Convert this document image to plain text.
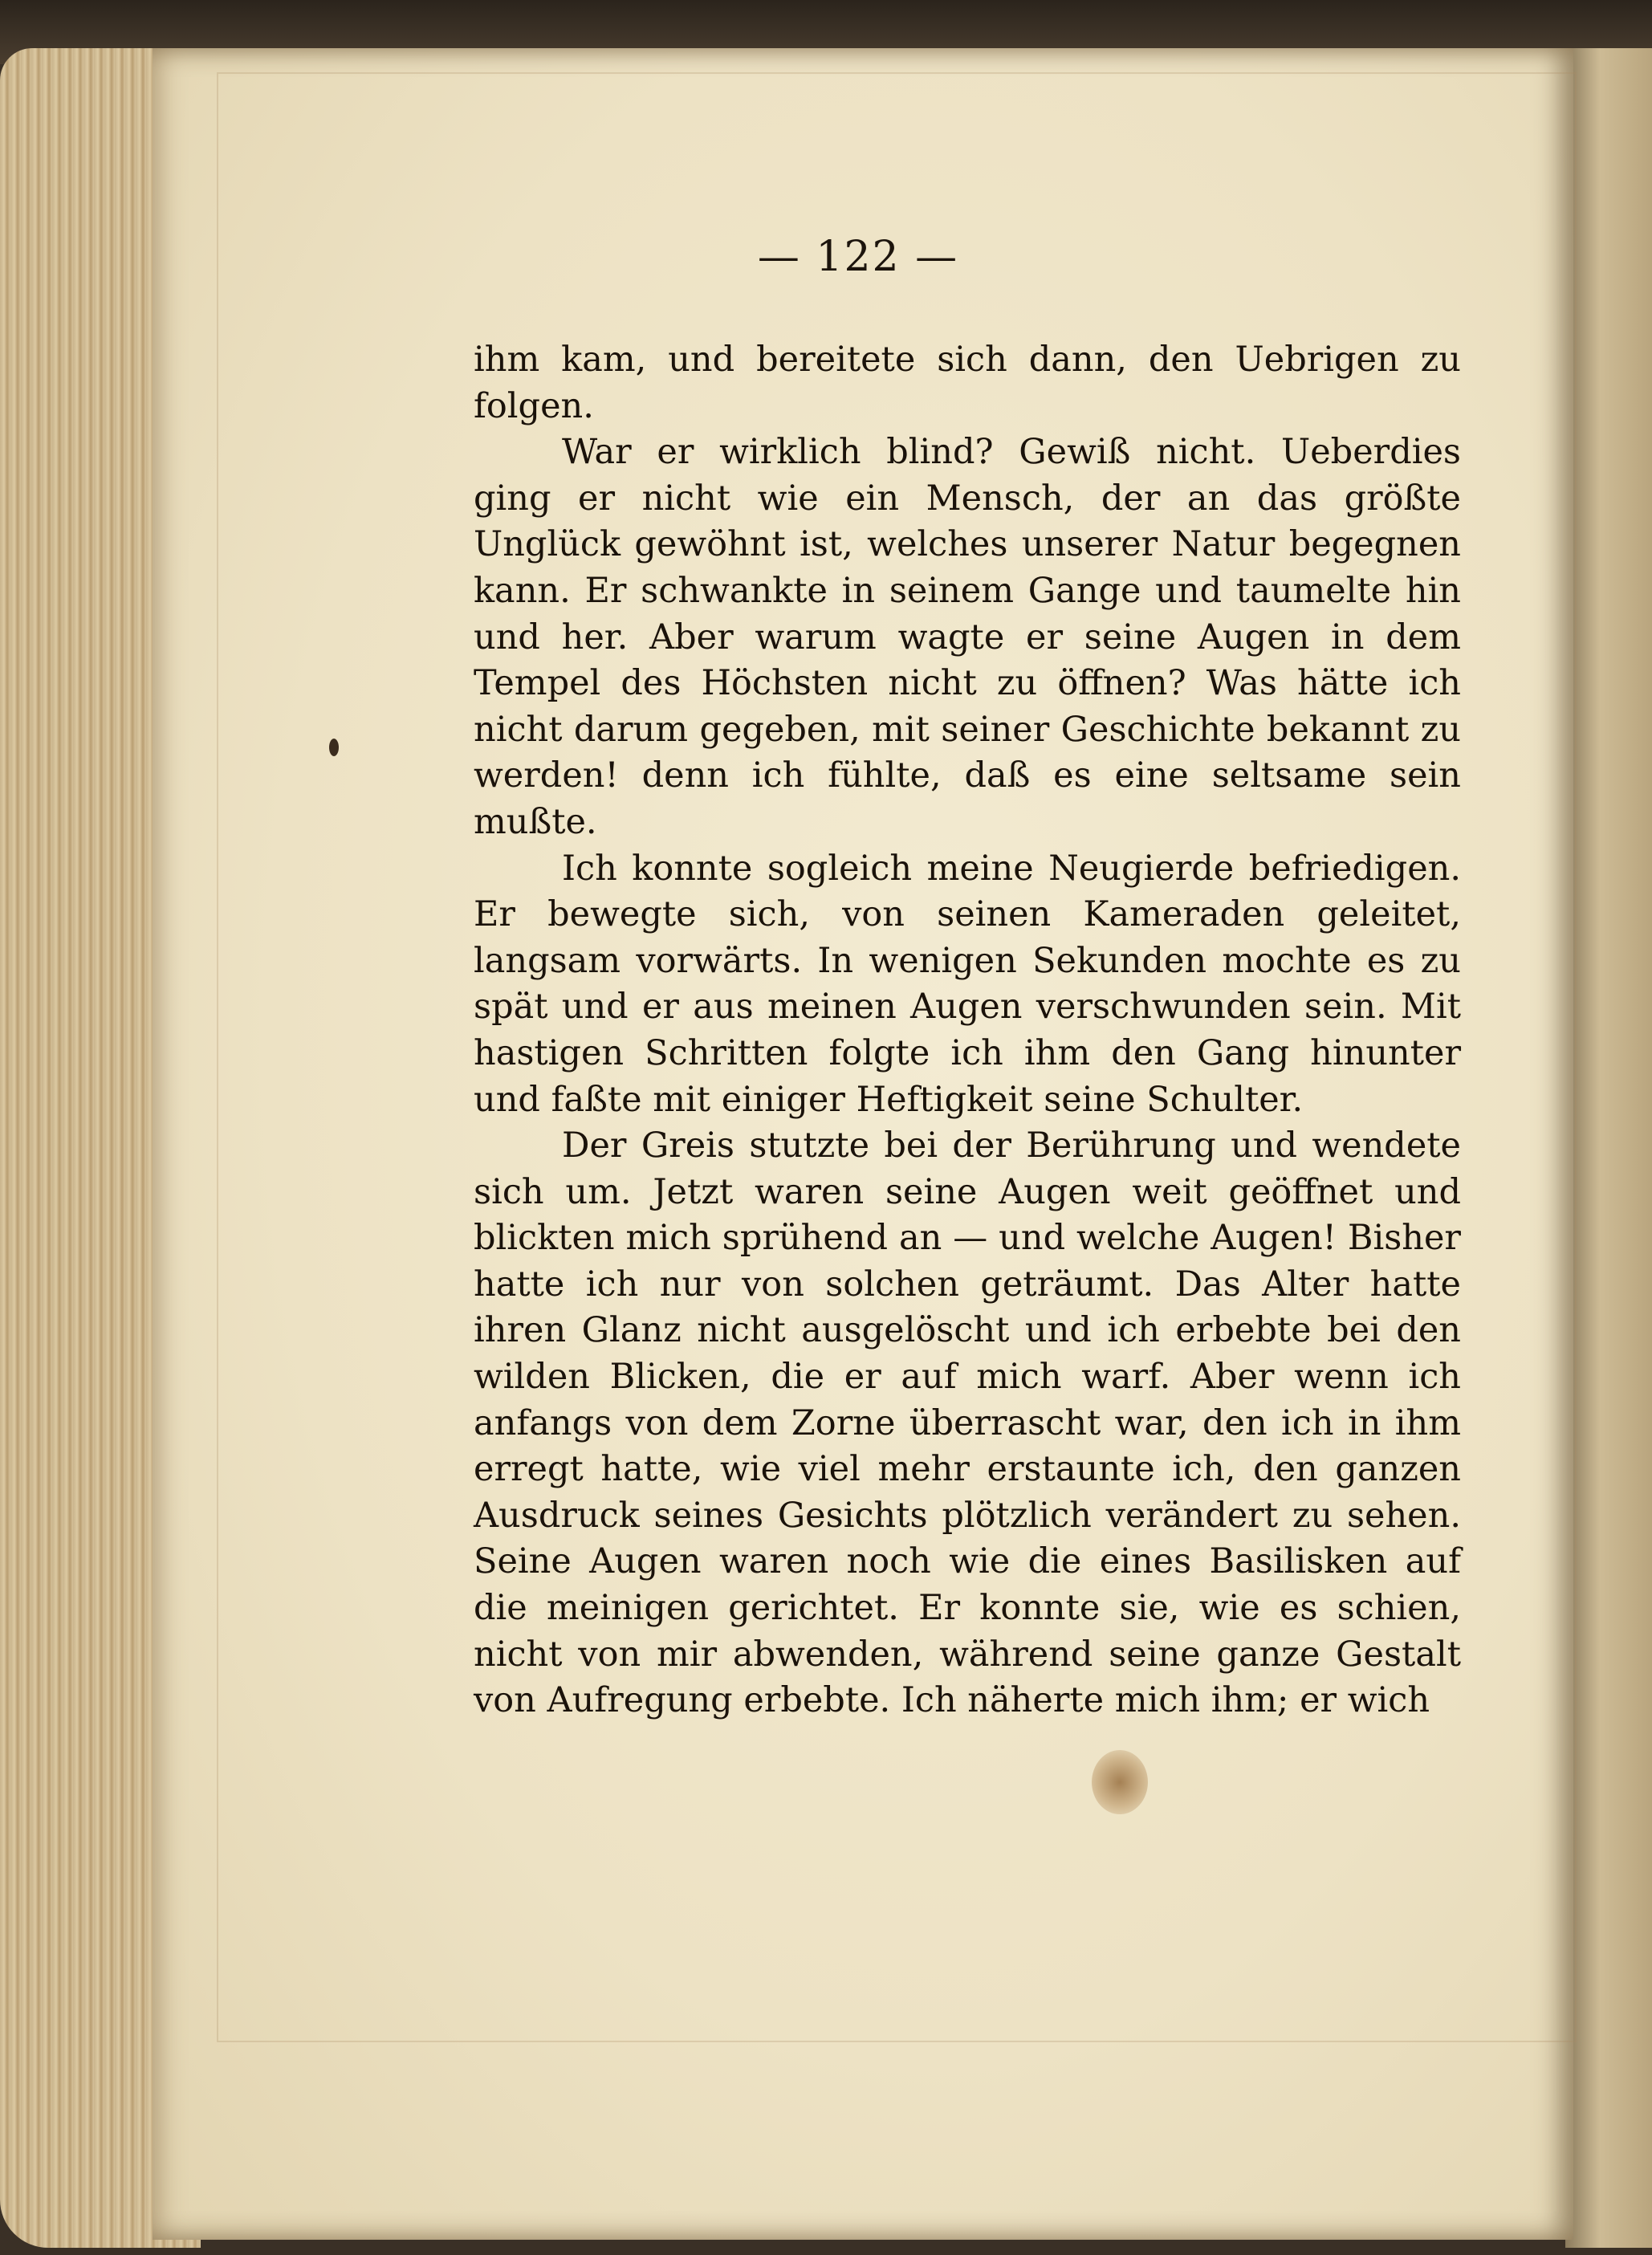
— 122 —

ihm kam, und bereitete sich dann, den Uebrigen zu folgen.

War er wirklich blind? Gewiß nicht. Ueberdies ging er nicht wie ein Mensch, der an das größte Unglück gewöhnt ist, welches unserer Natur begegnen kann. Er schwankte in seinem Gange und taumelte hin und her. Aber warum wagte er seine Augen in dem Tempel des Höchsten nicht zu öffnen? Was hätte ich nicht darum gegeben, mit seiner Geschichte bekannt zu werden! denn ich fühlte, daß es eine seltsame sein mußte.

Ich konnte sogleich meine Neugierde befriedigen. Er bewegte sich, von seinen Kameraden geleitet, langsam vorwärts. In wenigen Sekunden mochte es zu spät und er aus meinen Augen verschwunden sein. Mit hastigen Schritten folgte ich ihm den Gang hinunter und faßte mit einiger Heftigkeit seine Schulter.

Der Greis stutzte bei der Berührung und wendete sich um. Jetzt waren seine Augen weit geöffnet und blickten mich sprühend an — und welche Augen! Bisher hatte ich nur von solchen geträumt. Das Alter hatte ihren Glanz nicht ausgelöscht und ich erbebte bei den wilden Blicken, die er auf mich warf. Aber wenn ich anfangs von dem Zorne überrascht war, den ich in ihm erregt hatte, wie viel mehr erstaunte ich, den ganzen Ausdruck seines Gesichts plötzlich verändert zu sehen. Seine Augen waren noch wie die eines Basilisken auf die meinigen gerichtet. Er konnte sie, wie es schien, nicht von mir abwenden, während seine ganze Gestalt von Aufregung erbebte. Ich näherte mich ihm; er wich
